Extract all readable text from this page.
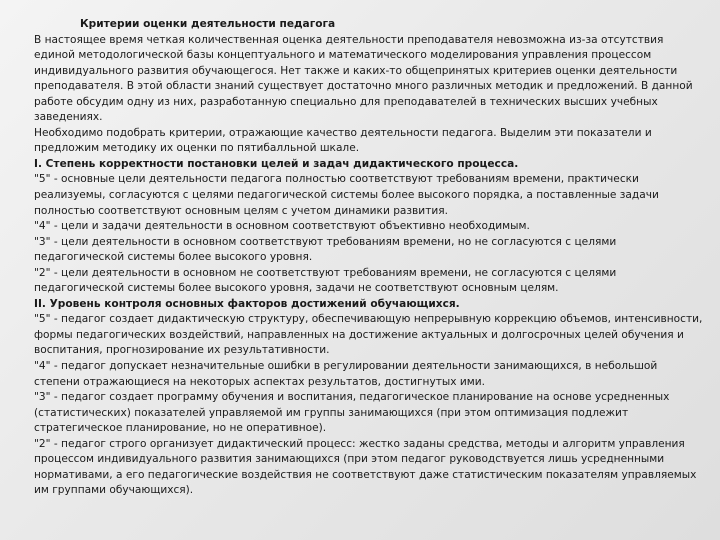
Критерии оценки деятельности педагога

В настоящее время четкая количественная оценка деятельности преподавателя невозможна из-за отсутствия единой методологической базы концептуального и математического моделирования управления процессом индивидуального развития обучающегося. Нет также и каких-то общепринятых критериев оценки деятельности преподавателя. В этой области знаний существует достаточно много различных методик и предложений. В данной работе обсудим одну из них, разработанную специально для преподавателей в технических высших учебных заведениях.

Необходимо подобрать критерии, отражающие качество деятельности педагога. Выделим эти показатели и предложим методику их оценки по пятибалльной шкале.

I. Степень корректности постановки целей и задач дидактического процесса.

"5" - основные цели деятельности педагога полностью соответствуют требованиям времени, практически реализуемы, согласуются с целями педагогической системы более высокого порядка, а поставленные задачи полностью соответствуют основным целям с учетом динамики развития.

"4" - цели и задачи деятельности в основном соответствуют объективно необходимым.

"3" - цели деятельности в основном соответствуют требованиям времени, но не согласуются с целями педагогической системы более высокого уровня.

"2" - цели деятельности в основном не соответствуют требованиям времени, не согласуются с целями педагогической системы более высокого уровня, задачи не соответствуют основным целям.

II. Уровень контроля основных факторов достижений обучающихся.

"5" - педагог создает дидактическую структуру, обеспечивающую непрерывную коррекцию объемов, интенсивности, формы педагогических воздействий, направленных на достижение актуальных и долгосрочных целей обучения и воспитания, прогнозирование их результативности.

"4" - педагог допускает незначительные ошибки в регулировании деятельности занимающихся, в небольшой степени отражающиеся на некоторых аспектах результатов, достигнутых ими.

"3" - педагог создает программу обучения и воспитания, педагогическое планирование на основе усредненных (статистических) показателей управляемой им группы занимающихся (при этом оптимизация подлежит стратегическое планирование, но не оперативное).

"2" - педагог строго организует дидактический процесс: жестко заданы средства, методы и алгоритм управления процессом индивидуального развития занимающихся (при этом педагог руководствуется лишь усредненными нормативами, а его педагогические воздействия не соответствуют даже статистическим показателям управляемых им группами обучающихся).
